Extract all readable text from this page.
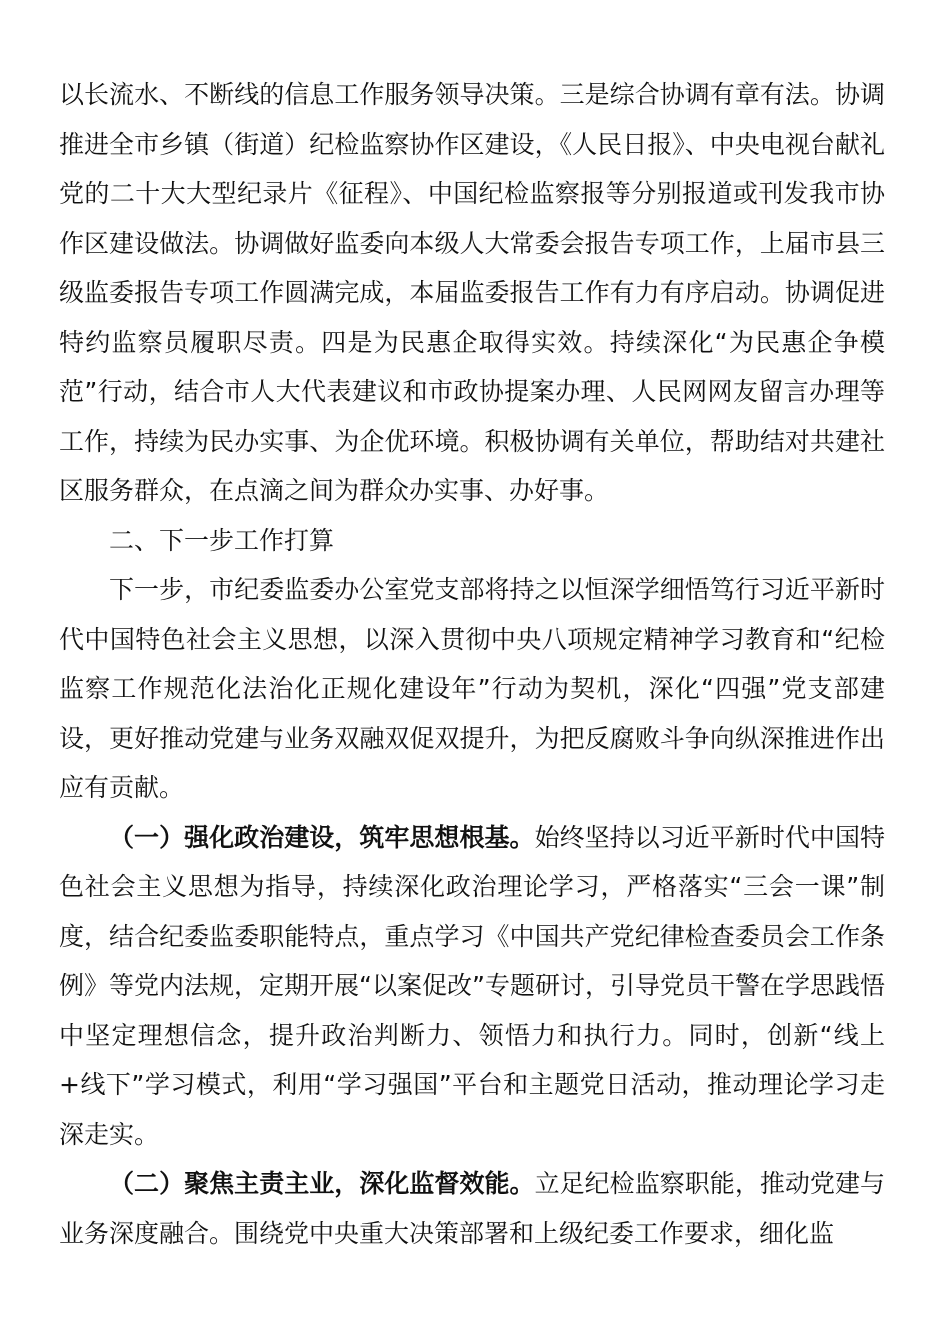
以长流水、不断线的信息工作服务领导决策。三是综合协调有章有法。协调推进全市乡镇（街道）纪检监察协作区建设，《人民日报》、中央电视台献礼党的二十大大型纪录片《征程》、中国纪检监察报等分别报道或刊发我市协作区建设做法。协调做好监委向本级人大常委会报告专项工作，上届市县三级监委报告专项工作圆满完成，本届监委报告工作有力有序启动。协调促进特约监察员履职尽责。四是为民惠企取得实效。持续深化“为民惠企争模范”行动，结合市人大代表建议和市政协提案办理、人民网网友留言办理等工作，持续为民办实事、为企优环境。积极协调有关单位，帮助结对共建社区服务群众，在点滴之间为群众办实事、办好事。

二、下一步工作打算

下一步，市纪委监委办公室党支部将持之以恒深学细悟笃行习近平新时代中国特色社会主义思想，以深入贯彻中央八项规定精神学习教育和“纪检监察工作规范化法治化正规化建设年”行动为契机，深化“四强”党支部建设，更好推动党建与业务双融双促双提升，为把反腐败斗争向纵深推进作出应有贡献。

（一）强化政治建设，筑牢思想根基。始终坚持以习近平新时代中国特色社会主义思想为指导，持续深化政治理论学习，严格落实“三会一课”制度，结合纪委监委职能特点，重点学习《中国共产党纪律检查委员会工作条例》等党内法规，定期开展“以案促改”专题研讨，引导党员干警在学思践悟中坚定理想信念，提升政治判断力、领悟力和执行力。同时，创新“线上+线下”学习模式，利用“学习强国”平台和主题党日活动，推动理论学习走深走实。

（二）聚焦主责主业，深化监督效能。立足纪检监察职能，推动党建与业务深度融合。围绕党中央重大决策部署和上级纪委工作要求，细化监
